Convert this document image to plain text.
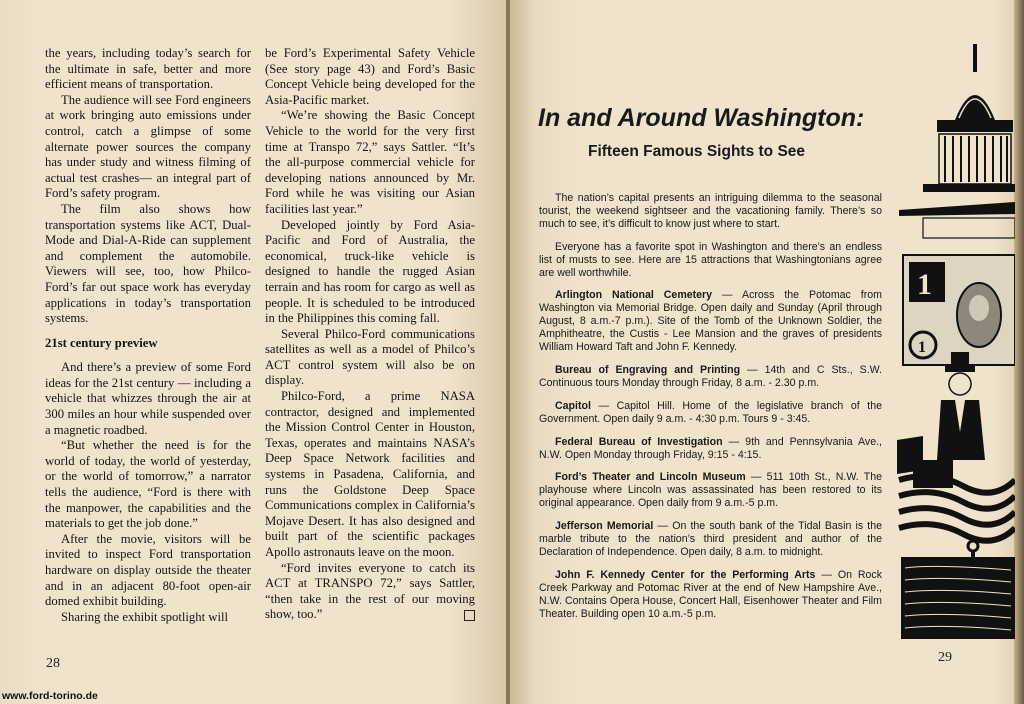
the years, including today’s search for the ultimate in safe, better and more efficient means of transportation.

The audience will see Ford engineers at work bringing auto emissions under control, catch a glimpse of some alternate power sources the company has under study and witness filming of actual test crashes— an integral part of Ford’s safety program.

The film also shows how transportation systems like ACT, Dual-Mode and Dial-A-Ride can supplement and complement the automobile. Viewers will see, too, how Philco-Ford’s far out space work has everyday applications in today’s transportation systems.

21st century preview

And there’s a preview of some Ford ideas for the 21st century — including a vehicle that whizzes through the air at 300 miles an hour while suspended over a magnetic roadbed.

“But whether the need is for the world of today, the world of yesterday, or the world of tomorrow,” a narrator tells the audience, “Ford is there with the manpower, the capabilities and the materials to get the job done.”

After the movie, visitors will be invited to inspect Ford transportation hardware on display outside the theater and in an adjacent 80-foot open-air domed exhibit building.

Sharing the exhibit spotlight will

be Ford’s Experimental Safety Vehicle (See story page 43) and Ford’s Basic Concept Vehicle being developed for the Asia-Pacific market.

“We’re showing the Basic Concept Vehicle to the world for the very first time at Transpo 72,” says Sattler. “It’s the all-purpose commercial vehicle for developing nations announced by Mr. Ford while he was visiting our Asian facilities last year.”

Developed jointly by Ford Asia-Pacific and Ford of Australia, the economical, truck-like vehicle is designed to handle the rugged Asian terrain and has room for cargo as well as people. It is scheduled to be introduced in the Philippines this coming fall.

Several Philco-Ford communications satellites as well as a model of Philco’s ACT control system will also be on display.

Philco-Ford, a prime NASA contractor, designed and implemented the Mission Control Center in Houston, Texas, operates and maintains NASA’s Deep Space Network facilities and systems in Pasadena, California, and runs the Goldstone Deep Space Communications complex in California’s Mojave Desert. It has also designed and built part of the scientific packages Apollo astronauts leave on the moon.

“Ford invites everyone to catch its ACT at TRANSPO 72,” says Sattler, “then take in the rest of our moving show, too.”

28
www.ford-torino.de
In and Around Washington:
Fifteen Famous Sights to See

The nation’s capital presents an intriguing dilemma to the seasonal tourist, the weekend sightseer and the vacationing family. There’s so much to see, it’s difficult to know just where to start.

Everyone has a favorite spot in Washington and there’s an endless list of musts to see. Here are 15 attractions that Washingtonians agree are well worthwhile.

Arlington National Cemetery — Across the Potomac from Washington via Memorial Bridge. Open daily and Sunday (April through August, 8 a.m.-7 p.m.). Site of the Tomb of the Unknown Soldier, the Amphitheatre, the Custis - Lee Mansion and the graves of presidents William Howard Taft and John F. Kennedy.

Bureau of Engraving and Printing — 14th and C Sts., S.W. Continuous tours Monday through Friday, 8 a.m. - 2.30 p.m.

Capitol — Capitol Hill. Home of the legislative branch of the Government. Open daily 9 a.m. - 4:30 p.m. Tours 9 - 3:45.

Federal Bureau of Investigation — 9th and Pennsylvania Ave., N.W. Open Monday through Friday, 9:15 - 4:15.

Ford’s Theater and Lincoln Museum — 511 10th St., N.W. The playhouse where Lincoln was assassinated has been restored to its original appearance. Open daily from 9 a.m.-5 p.m.

Jefferson Memorial — On the south bank of the Tidal Basin is the marble tribute to the nation’s third president and author of the Declaration of Independence. Open daily, 8 a.m. to midnight.

John F. Kennedy Center for the Performing Arts — On Rock Creek Parkway and Potomac River at the end of New Hampshire Ave., N.W. Contains Opera House, Concert Hall, Eisenhower Theater and Film Theater. Building open 10 a.m.-5 p.m.

29
1
1
